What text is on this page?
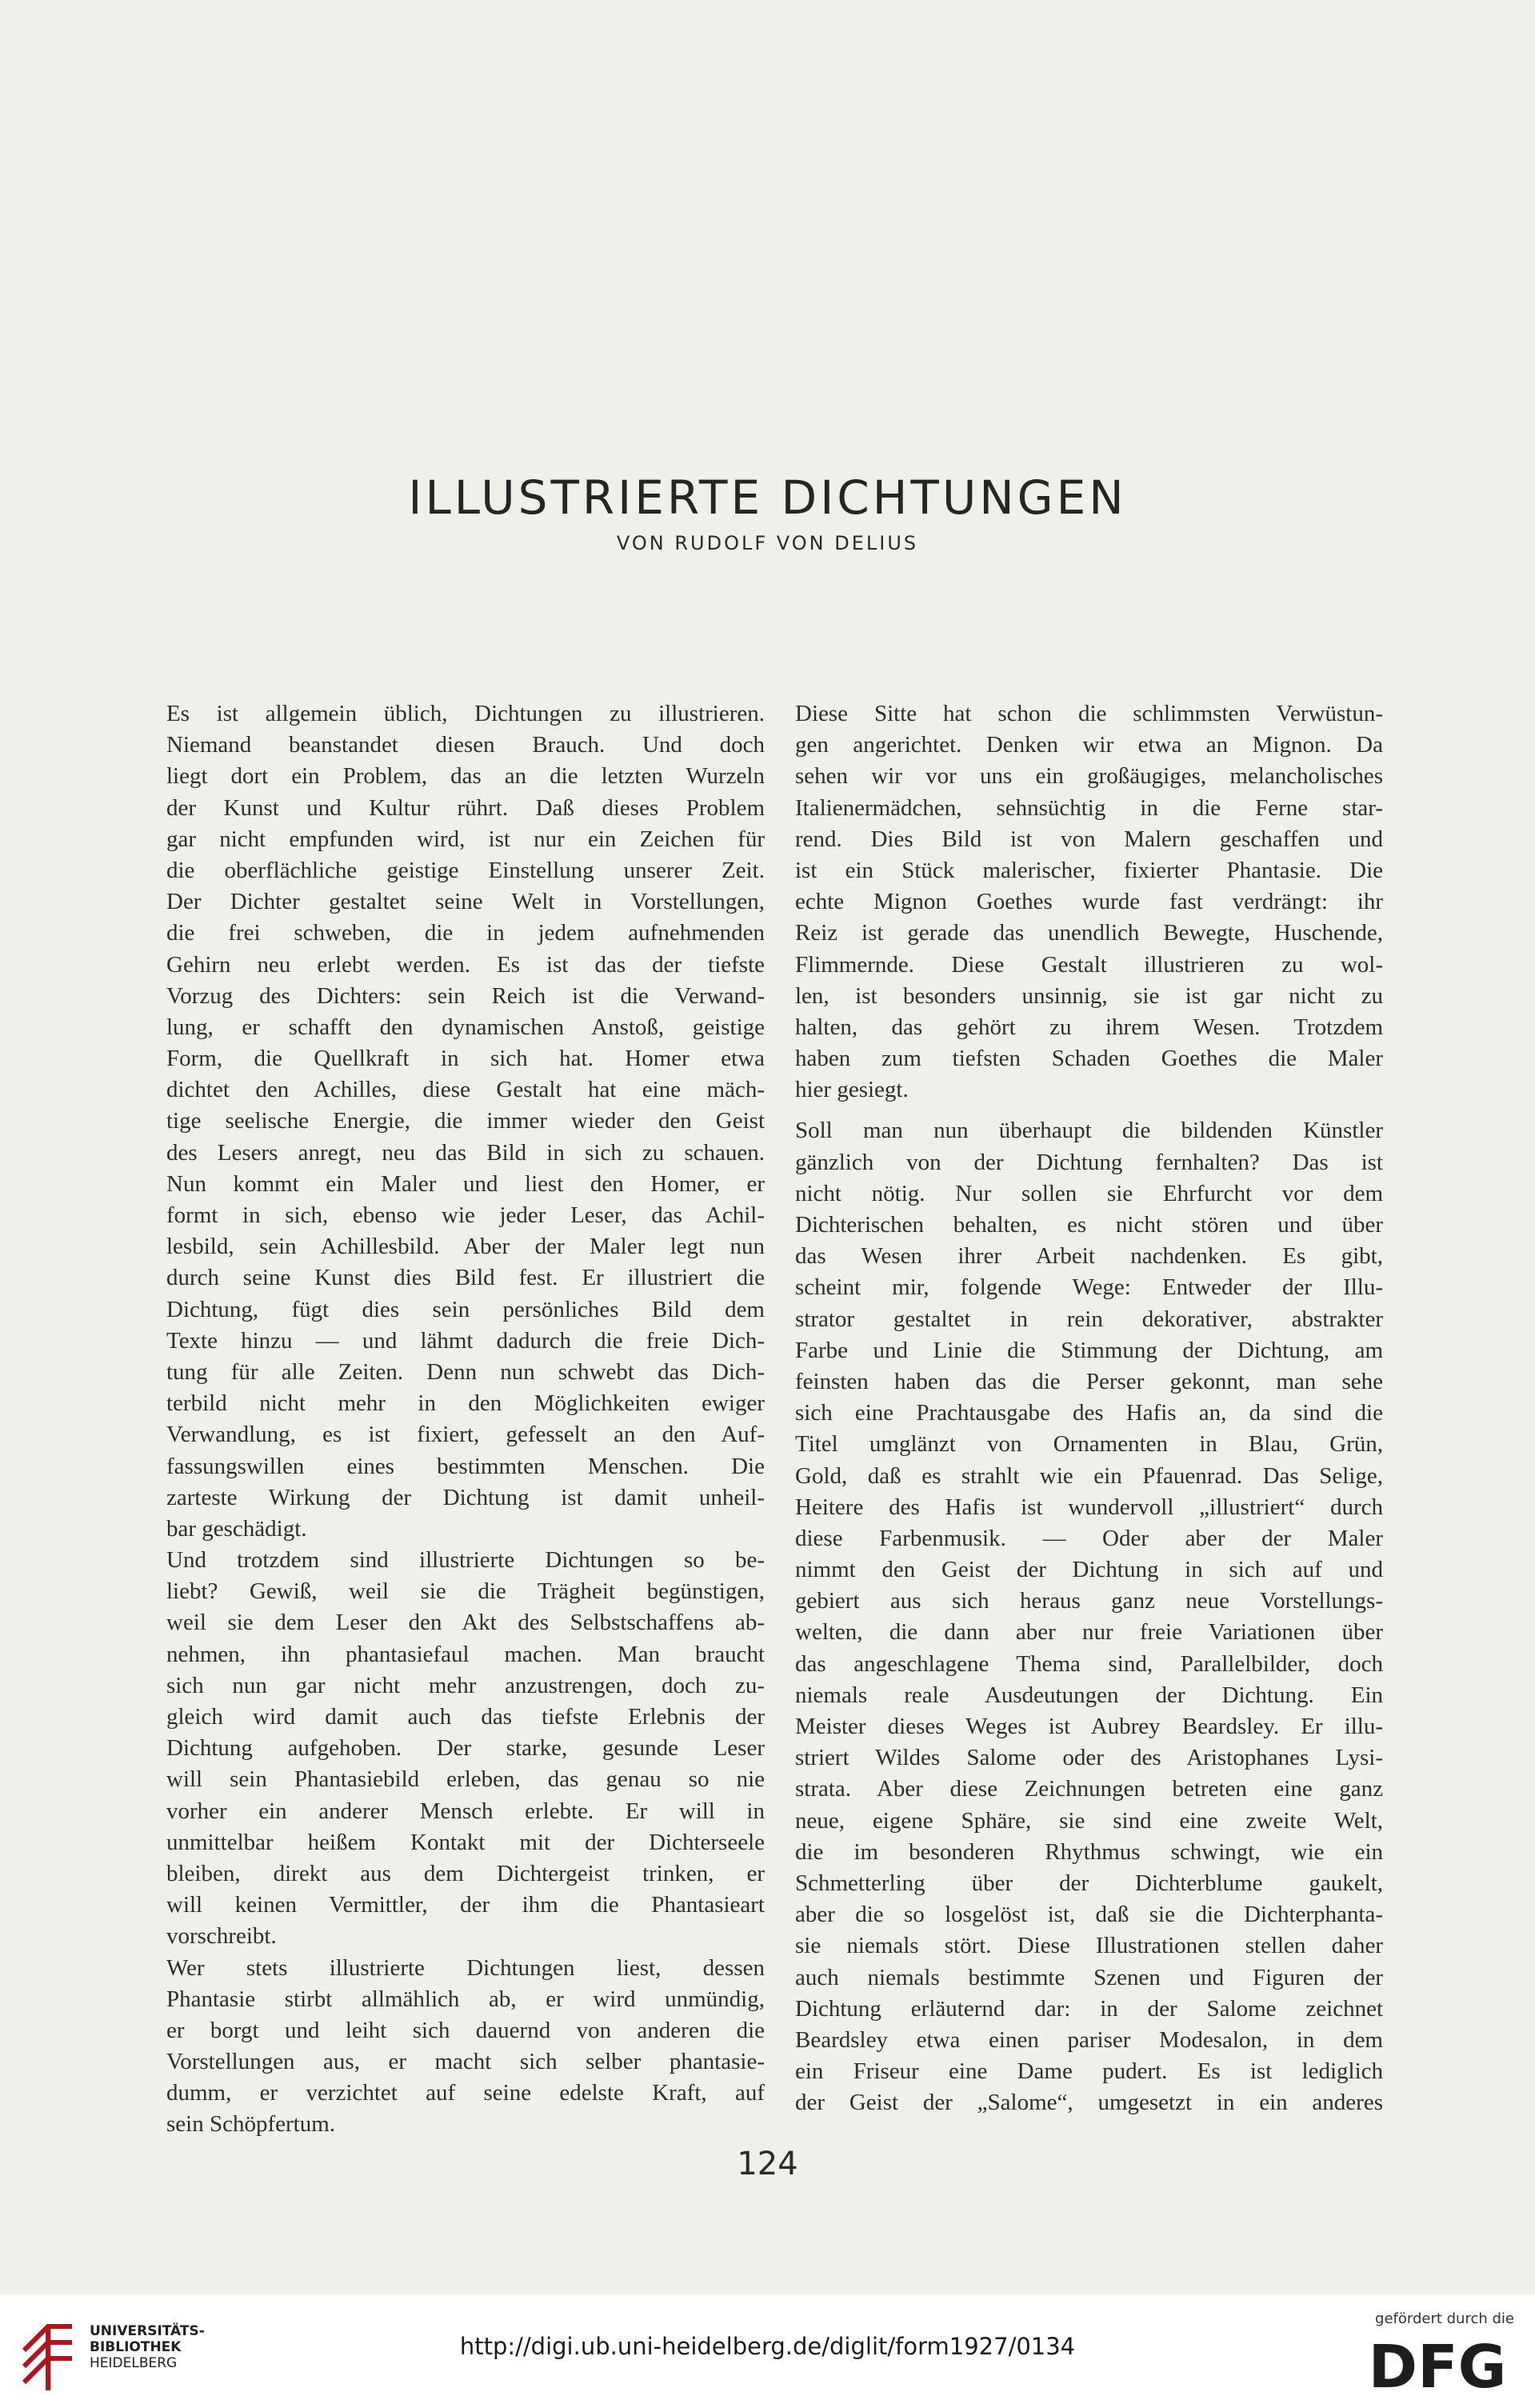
ILLUSTRIERTE DICHTUNGEN
VON RUDOLF VON DELIUS
Es ist allgemein üblich, Dichtungen zu illustrieren.
Niemand beanstandet diesen Brauch. Und doch
liegt dort ein Problem, das an die letzten Wurzeln
der Kunst und Kultur rührt. Daß dieses Problem
gar nicht empfunden wird, ist nur ein Zeichen für
die oberflächliche geistige Einstellung unserer Zeit.
Der Dichter gestaltet seine Welt in Vorstellungen,
die frei schweben, die in jedem aufnehmenden
Gehirn neu erlebt werden. Es ist das der tiefste
Vorzug des Dichters: sein Reich ist die Verwand-
lung, er schafft den dynamischen Anstoß, geistige
Form, die Quellkraft in sich hat. Homer etwa
dichtet den Achilles, diese Gestalt hat eine mäch-
tige seelische Energie, die immer wieder den Geist
des Lesers anregt, neu das Bild in sich zu schauen.
Nun kommt ein Maler und liest den Homer, er
formt in sich, ebenso wie jeder Leser, das Achil-
lesbild, sein Achillesbild. Aber der Maler legt nun
durch seine Kunst dies Bild fest. Er illustriert die
Dichtung, fügt dies sein persönliches Bild dem
Texte hinzu — und lähmt dadurch die freie Dich-
tung für alle Zeiten. Denn nun schwebt das Dich-
terbild nicht mehr in den Möglichkeiten ewiger
Verwandlung, es ist fixiert, gefesselt an den Auf-
fassungswillen eines bestimmten Menschen. Die
zarteste Wirkung der Dichtung ist damit unheil-
bar geschädigt.
Und trotzdem sind illustrierte Dichtungen so be-
liebt? Gewiß, weil sie die Trägheit begünstigen,
weil sie dem Leser den Akt des Selbstschaffens ab-
nehmen, ihn phantasiefaul machen. Man braucht
sich nun gar nicht mehr anzustrengen, doch zu-
gleich wird damit auch das tiefste Erlebnis der
Dichtung aufgehoben. Der starke, gesunde Leser
will sein Phantasiebild erleben, das genau so nie
vorher ein anderer Mensch erlebte. Er will in
unmittelbar heißem Kontakt mit der Dichterseele
bleiben, direkt aus dem Dichtergeist trinken, er
will keinen Vermittler, der ihm die Phantasieart
vorschreibt.
Wer stets illustrierte Dichtungen liest, dessen
Phantasie stirbt allmählich ab, er wird unmündig,
er borgt und leiht sich dauernd von anderen die
Vorstellungen aus, er macht sich selber phantasie-
dumm, er verzichtet auf seine edelste Kraft, auf
sein Schöpfertum.
Diese Sitte hat schon die schlimmsten Verwüstun-
gen angerichtet. Denken wir etwa an Mignon. Da
sehen wir vor uns ein großäugiges, melancholisches
Italienermädchen, sehnsüchtig in die Ferne star-
rend. Dies Bild ist von Malern geschaffen und
ist ein Stück malerischer, fixierter Phantasie. Die
echte Mignon Goethes wurde fast verdrängt: ihr
Reiz ist gerade das unendlich Bewegte, Huschende,
Flimmernde. Diese Gestalt illustrieren zu wol-
len, ist besonders unsinnig, sie ist gar nicht zu
halten, das gehört zu ihrem Wesen. Trotzdem
haben zum tiefsten Schaden Goethes die Maler
hier gesiegt.
Soll man nun überhaupt die bildenden Künstler
gänzlich von der Dichtung fernhalten? Das ist
nicht nötig. Nur sollen sie Ehrfurcht vor dem
Dichterischen behalten, es nicht stören und über
das Wesen ihrer Arbeit nachdenken. Es gibt,
scheint mir, folgende Wege: Entweder der Illu-
strator gestaltet in rein dekorativer, abstrakter
Farbe und Linie die Stimmung der Dichtung, am
feinsten haben das die Perser gekonnt, man sehe
sich eine Prachtausgabe des Hafis an, da sind die
Titel umglänzt von Ornamenten in Blau, Grün,
Gold, daß es strahlt wie ein Pfauenrad. Das Selige,
Heitere des Hafis ist wundervoll „illustriert“ durch
diese Farbenmusik. — Oder aber der Maler
nimmt den Geist der Dichtung in sich auf und
gebiert aus sich heraus ganz neue Vorstellungs-
welten, die dann aber nur freie Variationen über
das angeschlagene Thema sind, Parallelbilder, doch
niemals reale Ausdeutungen der Dichtung. Ein
Meister dieses Weges ist Aubrey Beardsley. Er illu-
striert Wildes Salome oder des Aristophanes Lysi-
strata. Aber diese Zeichnungen betreten eine ganz
neue, eigene Sphäre, sie sind eine zweite Welt,
die im besonderen Rhythmus schwingt, wie ein
Schmetterling über der Dichterblume gaukelt,
aber die so losgelöst ist, daß sie die Dichterphanta-
sie niemals stört. Diese Illustrationen stellen daher
auch niemals bestimmte Szenen und Figuren der
Dichtung erläuternd dar: in der Salome zeichnet
Beardsley etwa einen pariser Modesalon, in dem
ein Friseur eine Dame pudert. Es ist lediglich
der Geist der „Salome“, umgesetzt in ein anderes
124
UNIVERSITÄTS-
BIBLIOTHEK
HEIDELBERG
http://digi.ub.uni-heidelberg.de/diglit/form1927/0134
gefördert durch die
DFG
